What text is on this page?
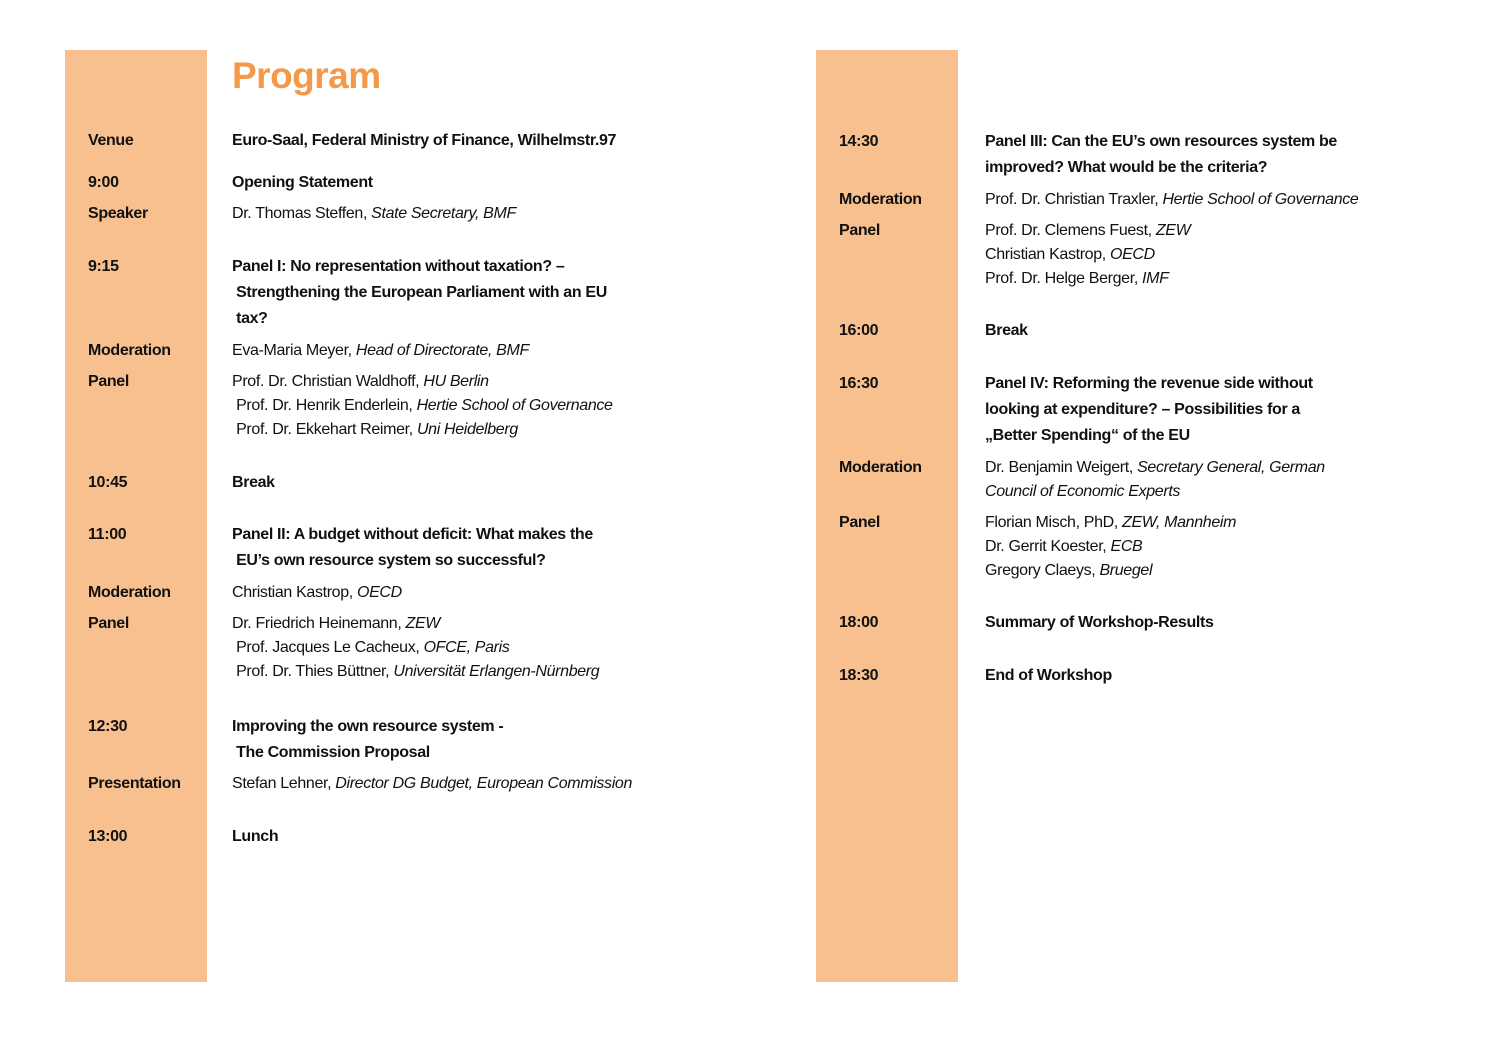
Program
Venue	Euro-Saal, Federal Ministry of Finance, Wilhelmstr.97
9:00	Opening Statement
Speaker	Dr. Thomas Steffen, State Secretary, BMF
9:15	Panel I: No representation without taxation? –
Strengthening the European Parliament with an EU
tax?
Moderation	Eva-Maria Meyer, Head of Directorate, BMF
Panel	Prof. Dr. Christian Waldhoff, HU Berlin
Prof. Dr. Henrik Enderlein, Hertie School of Governance
Prof. Dr. Ekkehart Reimer, Uni Heidelberg
10:45	Break
11:00	Panel II: A budget without deficit: What makes the
EU’s own resource system so successful?
Moderation	Christian Kastrop, OECD
Panel	Dr. Friedrich Heinemann, ZEW
Prof. Jacques Le Cacheux, OFCE, Paris
Prof. Dr. Thies Büttner, Universität Erlangen-Nürnberg
12:30	Improving the own resource system -
The Commission Proposal
Presentation	Stefan Lehner, Director DG Budget, European Commission
13:00	Lunch
14:30	Panel III: Can the EU’s own resources system be
improved? What would be the criteria?
Moderation	Prof. Dr. Christian Traxler, Hertie School of Governance
Panel	Prof. Dr. Clemens Fuest, ZEW
Christian Kastrop, OECD
Prof. Dr. Helge Berger, IMF
16:00	Break
16:30	Panel IV: Reforming the revenue side without
looking at expenditure? – Possibilities for a
„Better Spending“ of the EU
Moderation	Dr. Benjamin Weigert, Secretary General, German
Council of Economic Experts
Panel	Florian Misch, PhD, ZEW, Mannheim
Dr. Gerrit Koester, ECB
Gregory Claeys, Bruegel
18:00	Summary of Workshop-Results
18:30	End of Workshop
